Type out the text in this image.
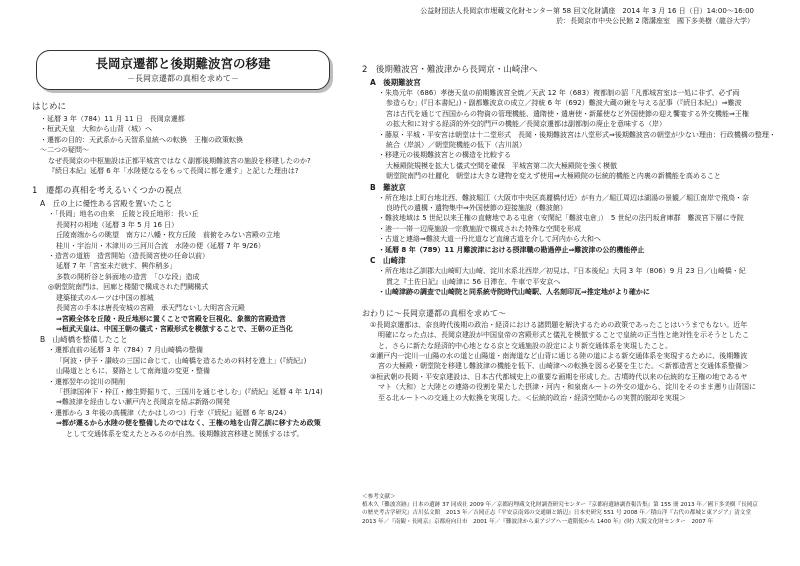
公益財団法人長岡京市埋蔵文化財センター第 58 回文化財講座　2014 年 3 月 16 日（日）14:00～16:00
於：長岡京市中央公民館 2 階講座室　國下多美樹（龍谷大学）
長岡京遷都と後期難波宮の移建
－長岡京遷都の真相を求めて－

はじめに

・延暦 3 年（784）11 月 11 日　長岡京遷都

・桓武天皇　大和から山背（城）へ

・遷都の目的：天武系から天智系皇統への転換　王権の政策転換

～二つの疑問～

なぜ長岡京の中枢施設は正都平城宮ではなく副都後期難波宮の施設を移建したのか?

『続日本紀』延暦 6 年「水陸便なるをもって長岡に都を遷す」と記した理由は?

1　遷都の真相を考えるいくつかの視点

A　丘の上に優性ある宮殿を置いたこと

・「長岡」地名の由来　丘陵と段丘地形：長い丘

長岡村の相地（延暦 3 年 5 月 16 日）

丘陵南端からの眺望　南方に八幡・枚方丘陵　前俯をみない宮殿の立地

桂川・宇治川・木津川の三河川合流　水陸の便（延暦 7 年 9/26）

・造営の道筋　造営開始（造長岡宮使の任命以前）

延暦 7 年「宮室未だ就す、興作稍多」

多数の開析谷と斜面地の造営　「ひな段」造成

◎朝堂院南門は、回廊と楼閣で構成された門闕構式

建築様式のルーツは中国の都城

長岡宮の手本は唐長安城の宮殿　承天門ないし大明宮含元殿

⇒宮殿全体を丘陵・段丘地形に置くことで宮殿を巨視化、象徴的宮殿造営

⇒桓武天皇は、中国王朝の儀式・宮殿形式を模倣することで、王朝の正当化

B　山崎橋を整備したこと

・遷都直前の延暦 3 年（784）7 月山崎橋の整備

「阿波・伊予・讃岐の三国に命じて、山崎橋を造るための料材を進上」(『続紀』)

山陽道とともに、要路として南海道の変更・整備

・遷都翌年の淀川の開削

「摂津国神下・梓江・鯵生野掘りて、三国川を通じせしむ」(『続紀』延暦 4 年 1/14)

⇒難波津を経由しない瀬戸内と長岡京を結ぶ新路の開発

・遷都から 3 年後の高槻津（たかはしのつ）行幸（『続紀』延暦 6 年 8/24）

⇒都が遷るから水陸の便を整備したのではなく、王権の地を山背乙訓に移すため政策

として交通体系を変えたとみるのが自然。後期難波宮移建と関係するはず。

2　後期難波宮・難波津から長岡京・山崎津へ

A　後期難波宮

・朱鳥元年（686）孝徳天皇の前期難波宮全焼／天武 12 年（683）複都制の詔「凡都城宮室は一処に非ず、必ず両

参造らむ」(『日本書紀』)・副都難波京の成立／持統 6 年（692）難波大蔵の鍬を与える記事（『続日本紀』）⇒難波

宮は古代を通じて西国からの物資の管理機能、遣隋使・遣唐使・新羅使など外国使節の迎え饗宴する外交機能⇒王権

の拡大和に対する経済的外交的門戸の機能／長岡京遷都は副都制の廃止を意味する（岸）

・藤原・平城・平安宮は朝堂は十二堂形式　長岡・後期難波宮は八堂形式⇒後期難波宮の朝堂が少ない理由：行政機構の整理・

統合（岸説）／朝堂院機能の低下（吉川説）

・移建元の後期難波宮との構造を比較する

大極殿院規模を拡大し儀式空間を確保　平城宮第二次大極殿院を強く模倣

朝堂院南門の壮麗化　朝堂は大きな建物を変えず使用⇒大極殿院の伝統的機能と内裏の新機能を高めること

B　難波京

・所在地は上町台地北西、難波堀江（大阪市中央区高麗橋付近）が有力／堀江周辺は湖湯の景観／堀江南岸で飛鳥・奈

良時代の遺構・遺物集中⇒外国使節の迎接施設（難波館）

・難波地域は 5 世紀以来王権の直轄地である屯倉（安閑紀「難波屯倉」）　5 世紀の法円坂倉庫群　難波宮下層に寺院

・港一一帯一辺廃施設一宗教施設で構成された特殊な空間を形成

・古道と連絡⇒難波大道一丹比道など直線古道を介して河内から大和へ

・延暦 8 年（789）11 月難波津における摂津職の勘過停止⇒難波津の公的機能停止

C　山崎津

・所在地は乙訓郡大山崎町大山崎、淀川水系北西岸／初見は、『日本後紀』大同 3 年（806）9 月 23 日／山崎橋・紀

貫之『土佐日記』山崎津に 56 日滞在、牛車で平安京へ

・山崎津跡の調査で山崎院と同系統寺院時代山崎駅、人名刻印瓦⇒推定地がより確かに

おわりに～長岡京遷都の真相を求めて～

①長岡京遷都は、奈良時代後期の政治・経済における諸問題を解決するための政策であったことはいうまでもない。近年

明確になった点は、長岡京建設が中国皇帝の宮殿形式と儀礼を模倣することで皇統の正当性と絶対性を示そうとしたこ

と、さらに新たな経済的中心地となる京と交通施設の設定により新交通体系を実現したこと。

②瀬戸内一淀川一山陽の水の道と山陽道・南海道など山背に通じる陸の道による新交通体系を実現するために、後期難波

宮の大極殿・朝堂院を移建し難波津の機能を低下、山崎津への転換を図る必要を生じた。＜新都造営と交通体系整備＞

③桓武朝の長岡・平安京建設は、日本古代都城史上の重要な画期を形成した。古墳時代以来の伝統的な王権の地であるヤ

マト（大和）と大陸との連絡の役割を果たした摂津・河内・和泉南ルートの外交の道から、淀川をそのまま遡り山背国に

至る北ルートへの交通上の大転換を実現した。＜伝統的政治・経済空間からの実質的脱却を実現＞

＜参考文献＞

植木久『難波宮跡』日本の遺跡 37 同成社 2009 年／京都府埋蔵文化財調査研究センター『京都府遺跡調査報告集』第 155 冊 2013 年／國下多美樹『長岡京

の歴史考古学研究』吉川弘文館　2013 年／吉岡正志『平安京南郊の交通網と路辺』日本史研究 551 号 2008 年／積山洋『古代の都城と東アジア』清文堂

2013 年／『南観・長岡京』京都府向日市　2001 年／『難波津から東アジアへ一遣隋使から 1400 年』(財) 大阪文化財センター　2007 年
